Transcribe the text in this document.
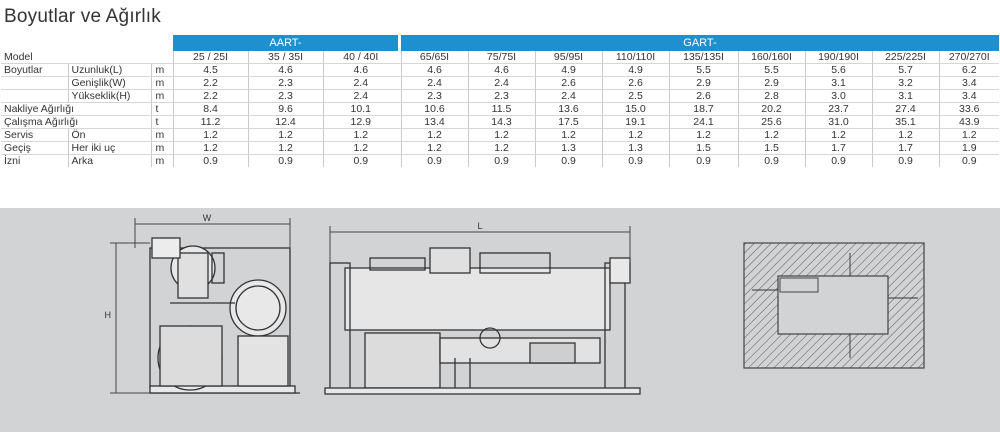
Boyutlar ve Ağırlık
			AART-				GART-								
Model			25 / 25I	35 / 35I	40 / 40I		65/65I	75/75I	95/95I	110/110I	135/135I	160/160I	190/190I	225/225I	270/270I
Boyutlar	Uzunluk(L)	m	4.5	4.6	4.6		4.6	4.6	4.9	4.9	5.5	5.5	5.6	5.7	6.2
	Genişlik(W)	m	2.2	2.3	2.4		2.4	2.4	2.6	2.6	2.9	2.9	3.1	3.2	3.4
	Yükseklik(H)	m	2.2	2.3	2.4		2.3	2.3	2.4	2.5	2.6	2.8	3.0	3.1	3.4
Nakliye Ağırlığı		t	8.4	9.6	10.1		10.6	11.5	13.6	15.0	18.7	20.2	23.7	27.4	33.6
Çalışma Ağırlığı		t	11.2	12.4	12.9		13.4	14.3	17.5	19.1	24.1	25.6	31.0	35.1	43.9
Servis	Ön	m	1.2	1.2	1.2		1.2	1.2	1.2	1.2	1.2	1.2	1.2	1.2	1.2
Geçiş	Her iki uç	m	1.2	1.2	1.2		1.2	1.2	1.3	1.3	1.5	1.5	1.7	1.7	1.9
İzni	Arka	m	0.9	0.9	0.9		0.9	0.9	0.9	0.9	0.9	0.9	0.9	0.9	0.9
W
H
L
